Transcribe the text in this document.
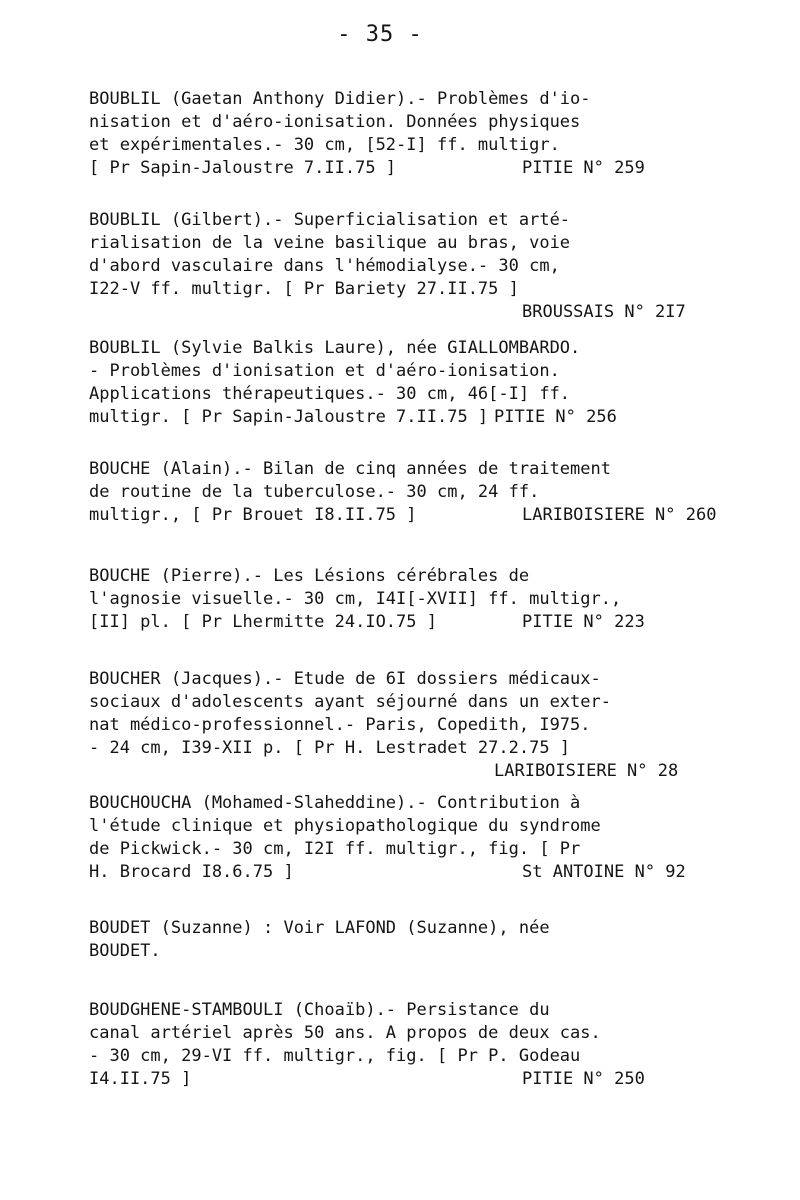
- 35 -
BOUBLIL (Gaetan Anthony Didier).- Problèmes d'io-
nisation et d'aéro-ionisation. Données physiques
et expérimentales.- 30 cm, [52-I] ff. multigr.
[ Pr Sapin-Jaloustre 7.II.75 ]	PITIE N° 259
BOUBLIL (Gilbert).- Superficialisation et arté-
rialisation de la veine basilique au bras, voie
d'abord vasculaire dans l'hémodialyse.- 30 cm,
I22-V ff. multigr. [ Pr Bariety 27.II.75 ]
BROUSSAIS N° 2I7
BOUBLIL (Sylvie Balkis Laure), née GIALLOMBARDO.
- Problèmes d'ionisation et d'aéro-ionisation.
Applications thérapeutiques.- 30 cm, 46[-I] ff.
multigr. [ Pr Sapin-Jaloustre 7.II.75 ] PITIE N° 256
BOUCHE (Alain).- Bilan de cinq années de traitement
de routine de la tuberculose.- 30 cm, 24 ff.
multigr., [ Pr Brouet I8.II.75 ]	LARIBOISIERE N° 260
BOUCHE (Pierre).- Les Lésions cérébrales de
l'agnosie visuelle.- 30 cm, I4I[-XVII] ff. multigr.,
[II] pl. [ Pr Lhermitte 24.IO.75 ]	PITIE N° 223
BOUCHER (Jacques).- Etude de 6I dossiers médicaux-
sociaux d'adolescents ayant séjourné dans un exter-
nat médico-professionnel.- Paris, Copedith, I975.
- 24 cm, I39-XII p. [ Pr H. Lestradet 27.2.75 ]
LARIBOISIERE N° 28
BOUCHOUCHA (Mohamed-Slaheddine).- Contribution à
l'étude clinique et physiopathologique du syndrome
de Pickwick.- 30 cm, I2I ff. multigr., fig. [ Pr
H. Brocard I8.6.75 ]	St ANTOINE N° 92
BOUDET (Suzanne) : Voir LAFOND (Suzanne), née
BOUDET.
BOUDGHENE-STAMBOULI (Choaïb).- Persistance du
canal artériel après 50 ans. A propos de deux cas.
- 30 cm, 29-VI ff. multigr., fig. [ Pr P. Godeau
I4.II.75 ]	PITIE N° 250
